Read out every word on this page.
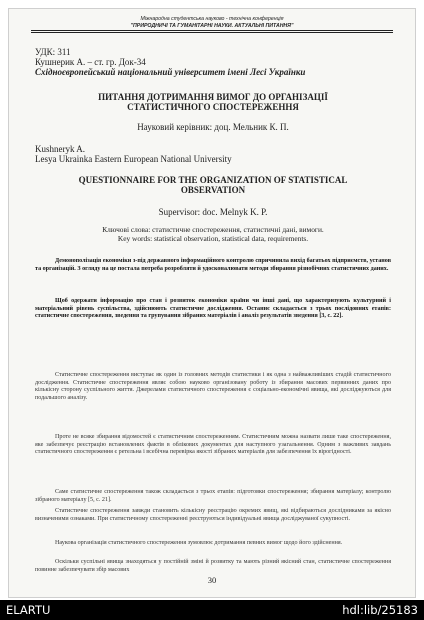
Міжнародна студентська науково - технічна конференція
"ПРИРОДНИЧІ ТА ГУМАНІТАРНІ НАУКИ. АКТУАЛЬНІ ПИТАННЯ"
УДК: 311
Кушнерик А. – ст. гр. Док-34
Східноєвропейський національний університет імені Лесі Українки
ПИТАННЯ ДОТРИМАННЯ ВИМОГ ДО ОРГАНІЗАЦІЇ
СТАТИСТИЧНОГО СПОСТЕРЕЖЕННЯ
Науковий керівник: доц. Мельник К. П.
Kushneryk A.
Lesya Ukrainka Eastern European National University
QUESTIONNAIRE FOR THE ORGANIZATION OF STATISTICAL
OBSERVATION
Supervisor: doc. Melnyk K. P.
Ключові слова: статистичне спостереження, статистичні дані, вимоги.
Key words: statistical observation, statistical data, requirements.
Демонополізація економіки з-під державного інформаційного контролю спричинила вихід багатьох підприємств, установ та організацій. З огляду на це постала потреба розробляти й удосконалювати методи збирання різнобічних статистичних даних.
Щоб одержати інформацію про стан і розвиток економіки країни чи інші дані, що характеризують культурний і матеріальний рівень суспільства, здійснюють статистичне дослідження. Останнє складається з трьох послідовних етапів: статистичне спостереження, зведення та групування зібраних матеріалів і аналіз результатів зведення [3, с. 22].
Статистичне спостереження виступає як один із головних методів статистики і як одна з найважливіших стадій статистичного дослідження. Статистичне спостереження являє собою науково організовану роботу із збирання масових первинних даних про кількісну сторону суспільного життя. Джерелами статистичного спостереження є соціально-економічні явища, які досліджуються для подальшого аналізу.
Проте не всяке збирання відомостей є статистичним спостереженням. Статистичним можна назвати лише таке спостереження, яке забезпечує реєстрацію встановлених фактів в облікових документах для наступного узагальнення. Одним з важливих завдань статистичного спостереження є ретельна і всебічна перевірка якості зібраних матеріалів для забезпечення їх вірогідності.
Саме статистичне спостереження також складається з трьох етапів: підготовки спостереження; збирання матеріалу; контролю зібраного матеріалу [5, с. 21].
Статистичне спостереження завжди становить кількісну реєстрацію окремих явищ, які відбираються дослідниками за якісно визначеними ознаками. При статистичному спостереженні реєструються індивідуальні явища досліджуваної сукупності.
Наукова організація статистичного спостереження зумовлює дотримання певних вимог щодо його здійснення.
Оскільки суспільні явища знаходяться у постійній зміні й розвитку та мають різний якісний стан, статистичне спостереження повинне забезпечувати збір масових
30
ELARTU	hdl:lib/25183
